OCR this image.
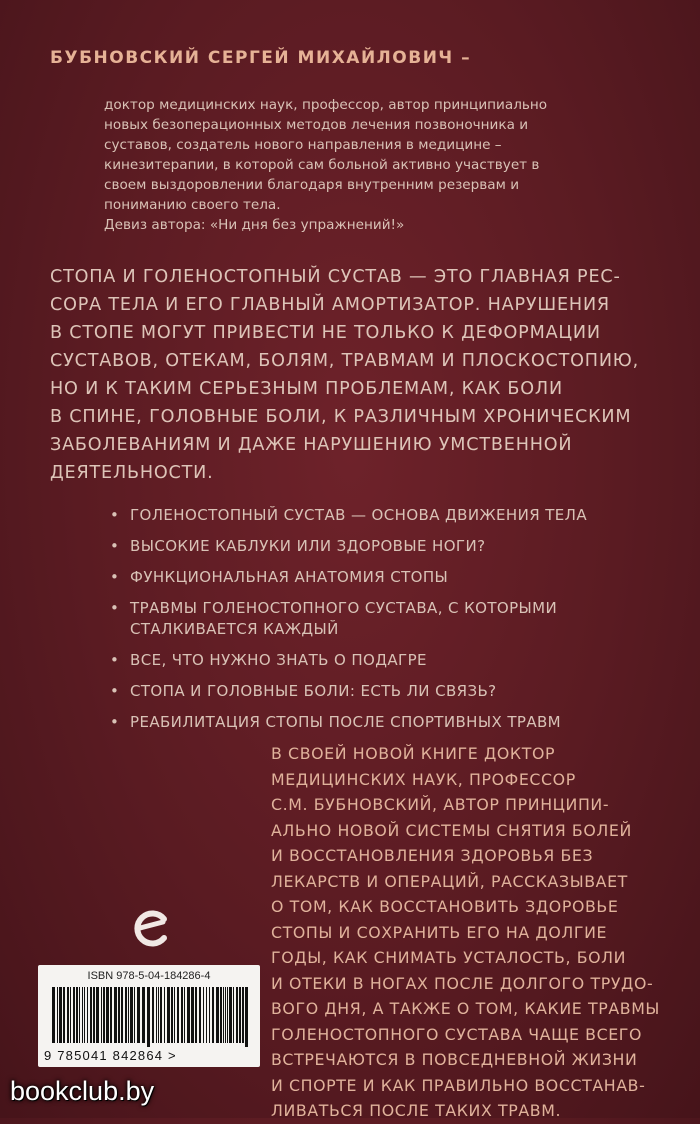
БУБНОВСКИЙ СЕРГЕЙ МИХАЙЛОВИЧ –

доктор медицинских наук, профессор, автор принципиально
новых безоперационных методов лечения позвоночника и
суставов, создатель нового направления в медицине –
кинезитерапии, в которой сам больной активно участвует в
своем выздоровлении благодаря внутренним резервам и
пониманию своего тела.

Девиз автора: «Ни дня без упражнений!»

СТОПА И ГОЛЕНОСТОПНЫЙ СУСТАВ — ЭТО ГЛАВНАЯ РЕС-
СОРА ТЕЛА И ЕГО ГЛАВНЫЙ АМОРТИЗАТОР. НАРУШЕНИЯ
В СТОПЕ МОГУТ ПРИВЕСТИ НЕ ТОЛЬКО К ДЕФОРМАЦИИ
СУСТАВОВ, ОТЕКАМ, БОЛЯМ, ТРАВМАМ И ПЛОСКОСТОПИЮ,
НО И К ТАКИМ СЕРЬЕЗНЫМ ПРОБЛЕМАМ, КАК БОЛИ
В СПИНЕ, ГОЛОВНЫЕ БОЛИ, К РАЗЛИЧНЫМ ХРОНИЧЕСКИМ
ЗАБОЛЕВАНИЯМ И ДАЖЕ НАРУШЕНИЮ УМСТВЕННОЙ
ДЕЯТЕЛЬНОСТИ.
• ГОЛЕНОСТОПНЫЙ СУСТАВ — ОСНОВА ДВИЖЕНИЯ ТЕЛА
• ВЫСОКИЕ КАБЛУКИ ИЛИ ЗДОРОВЫЕ НОГИ?
• ФУНКЦИОНАЛЬНАЯ АНАТОМИЯ СТОПЫ
• ТРАВМЫ ГОЛЕНОСТОПНОГО СУСТАВА, С КОТОРЫМИ
СТАЛКИВАЕТСЯ КАЖДЫЙ
• ВСЕ, ЧТО НУЖНО ЗНАТЬ О ПОДАГРЕ
• СТОПА И ГОЛОВНЫЕ БОЛИ: ЕСТЬ ЛИ СВЯЗЬ?
• РЕАБИЛИТАЦИЯ СТОПЫ ПОСЛЕ СПОРТИВНЫХ ТРАВМ
В СВОЕЙ НОВОЙ КНИГЕ ДОКТОР
МЕДИЦИНСКИХ НАУК, ПРОФЕССОР
С.М. БУБНОВСКИЙ, АВТОР ПРИНЦИПИ-
АЛЬНО НОВОЙ СИСТЕМЫ СНЯТИЯ БОЛЕЙ
И ВОССТАНОВЛЕНИЯ ЗДОРОВЬЯ БЕЗ
ЛЕКАРСТВ И ОПЕРАЦИЙ, РАССКАЗЫВАЕТ
О ТОМ, КАК ВОССТАНОВИТЬ ЗДОРОВЬЕ
СТОПЫ И СОХРАНИТЬ ЕГО НА ДОЛГИЕ
ГОДЫ, КАК СНИМАТЬ УСТАЛОСТЬ, БОЛИ
И ОТЕКИ В НОГАХ ПОСЛЕ ДОЛГОГО ТРУДО-
ВОГО ДНЯ, А ТАКЖЕ О ТОМ, КАКИЕ ТРАВМЫ
ГОЛЕНОСТОПНОГО СУСТАВА ЧАЩЕ ВСЕГО
ВСТРЕЧАЮТСЯ В ПОВСЕДНЕВНОЙ ЖИЗНИ
И СПОРТЕ И КАК ПРАВИЛЬНО ВОССТАНАВ-
ЛИВАТЬСЯ ПОСЛЕ ТАКИХ ТРАВМ.
ISBN 978-5-04-184286-4
9 785041 842864 >
bookclub.by
